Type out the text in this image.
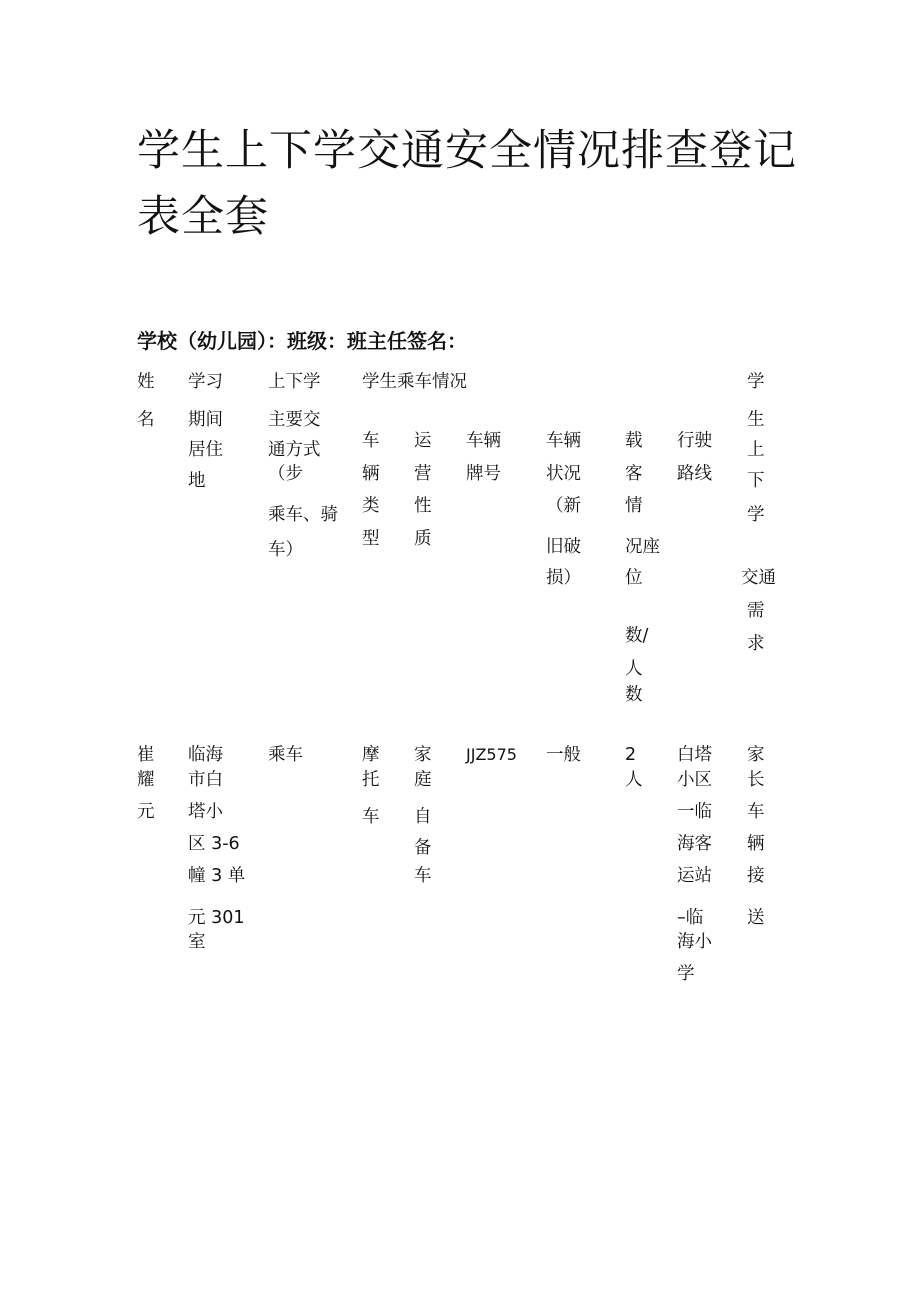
学生上下学交通安全情况排查登记
表全套
学校（幼儿园）：班级：班主任签名：
姓
名
学习
期间
居住
地
上下学
主要交
通方式
（步
乘车、骑
车）
学生乘车情况
车
辆
类
型
运
营
性
质
车辆
牌号
车辆
状况
（新
旧破
损）
载
客
情
况座
位
数/
人
数
行驶
路线
学
生
上
下
学
交通
需
求
崔
耀
元
临海
市白
塔小
区 3-6
幢 3 单
元 301
室
乘车	摩
托
车
家
庭
自
备
车
JJZ575 一般	2
人
白塔
小区
一临
海客
运站
–临
海小
学
家
长
车
辆
接
送
